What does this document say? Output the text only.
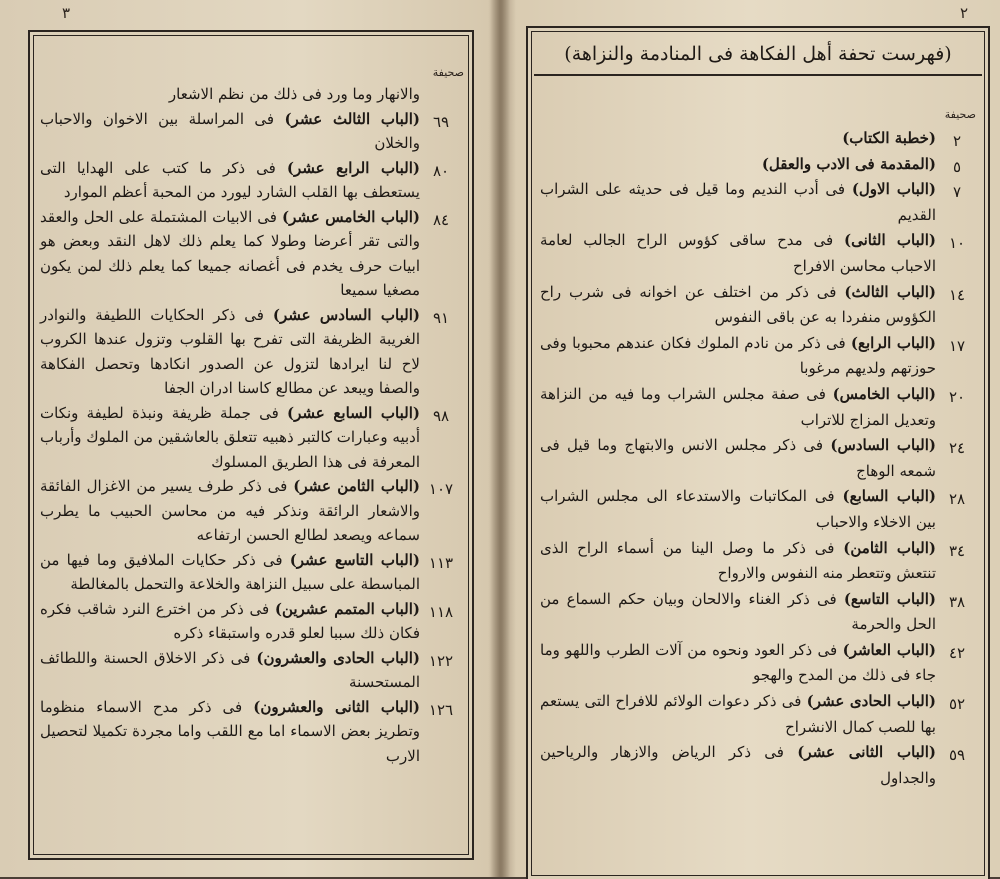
٣
صحيفة
والانهار وما ورد فى ذلك من نظم الاشعار
٦٩
(الباب الثالث عشر) فى المراسلة بين الاخوان والاحباب والخلان
٨٠
(الباب الرابع عشر) فى ذكر ما كتب على الهدايا التى يستعطف بها القلب الشارد ليورد من المحبة أعظم الموارد
٨٤
(الباب الخامس عشر) فى الابيات المشتملة على الحل والعقد والتى تقر أعرضا وطولا كما يعلم ذلك لاهل النقد وبعض هو ابيات حرف يخدم فى أغصانه جميعا كما يعلم ذلك لمن يكون مصغيا سميعا
٩١
(الباب السادس عشر) فى ذكر الحكايات اللطيفة والنوادر الغريبة الظريفة التى تفرح بها القلوب وتزول عندها الكروب لاح لنا ايرادها لتزول عن الصدور انكادها وتحصل الفكاهة والصفا ويبعد عن مطالع كاسنا ادران الجفا
٩٨
(الباب السابع عشر) فى جملة ظريفة ونبذة لطيفة ونكات أدبيه وعبارات كالتبر ذهبيه تتعلق بالعاشقين من الملوك وأرباب المعرفة فى هذا الطريق المسلوك
١٠٧
(الباب الثامن عشر) فى ذكر طرف يسير من الاغزال الفائقة والاشعار الرائقة ونذكر فيه من محاسن الحبيب ما يطرب سماعه ويصعد لطالع الحسن ارتفاعه
١١٣
(الباب التاسع عشر) فى ذكر حكايات الملافيق وما فيها من المباسطة على سبيل النزاهة والخلاعة والتحمل بالمغالطة
١١٨
(الباب المتمم عشرين) فى ذكر من اخترع النرد شاقب فكره فكان ذلك سببا لعلو قدره واستبقاء ذكره
١٢٢
(الباب الحادى والعشرون) فى ذكر الاخلاق الحسنة واللطائف المستحسنة
١٢٦
(الباب الثانى والعشرون) فى ذكر مدح الاسماء منظوما وتطريز بعض الاسماء اما مع اللقب واما مجردة تكميلا لتحصيل الارب
٢
(فهرست تحفة أهل الفكاهة فى المنادمة والنزاهة)
صحيفة
٢
(خطبة الكتاب)
٥
(المقدمة فى الادب والعقل)
٧
(الباب الاول) فى أدب النديم وما قيل فى حديثه على الشراب القديم
١٠
(الباب الثانى) فى مدح ساقى كؤوس الراح الجالب لعامة الاحباب محاسن الافراح
١٤
(الباب الثالث) فى ذكر من اختلف عن اخوانه فى شرب راح الكؤوس منفردا به عن باقى النفوس
١٧
(الباب الرابع) فى ذكر من نادم الملوك فكان عندهم محبوبا وفى حوزتهم ولديهم مرغوبا
٢٠
(الباب الخامس) فى صفة مجلس الشراب وما فيه من النزاهة وتعديل المزاج للاتراب
٢٤
(الباب السادس) فى ذكر مجلس الانس والابتهاج وما قيل فى شمعه الوهاج
٢٨
(الباب السابع) فى المكاتبات والاستدعاء الى مجلس الشراب بين الاخلاء والاحباب
٣٤
(الباب الثامن) فى ذكر ما وصل الينا من أسماء الراح الذى تنتعش وتتعطر منه النفوس والارواح
٣٨
(الباب التاسع) فى ذكر الغناء والالحان وبيان حكم السماع من الحل والحرمة
٤٢
(الباب العاشر) فى ذكر العود ونحوه من آلات الطرب واللهو وما جاء فى ذلك من المدح والهجو
٥٢
(الباب الحادى عشر) فى ذكر دعوات الولائم للافراح التى يستعم بها للصب كمال الانشراح
٥٩
(الباب الثانى عشر) فى ذكر الرياض والازهار والرياحين والجداول
